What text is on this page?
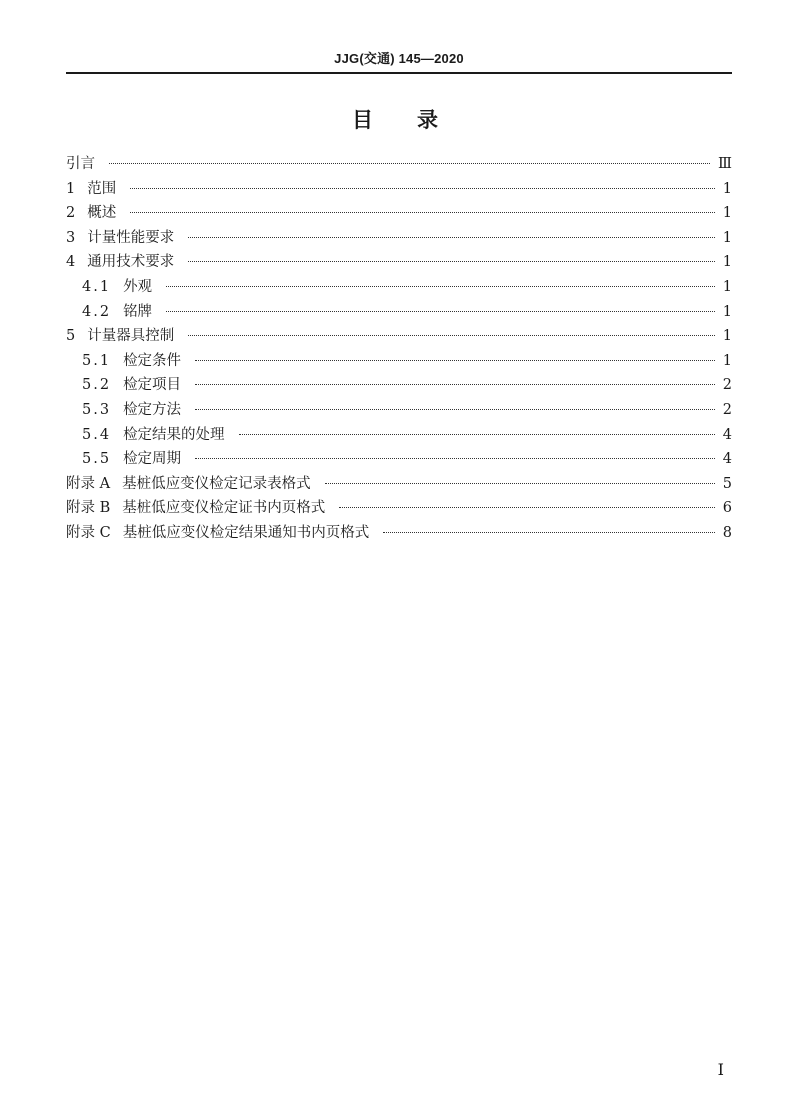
JJG(交通) 145—2020
目 录
引言	Ⅲ
1 范围	1
2 概述	1
3 计量性能要求	1
4 通用技术要求	1
4.1 外观	1
4.2 铭牌	1
5 计量器具控制	1
5.1 检定条件	1
5.2 检定项目	2
5.3 检定方法	2
5.4 检定结果的处理	4
5.5 检定周期	4
附录 A 基桩低应变仪检定记录表格式	5
附录 B 基桩低应变仪检定证书内页格式	6
附录 C 基桩低应变仪检定结果通知书内页格式	8
I
